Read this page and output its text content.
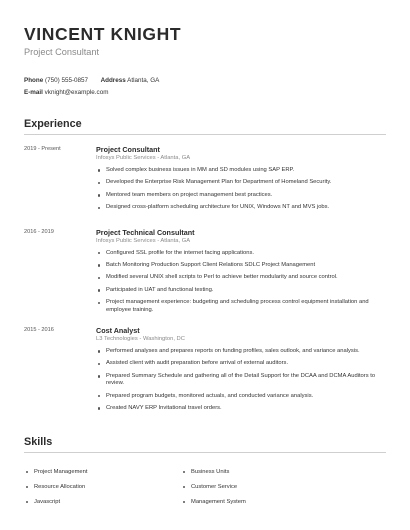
VINCENT KNIGHT
Project Consultant
Phone (750) 555-0857 Address Atlanta, GA
E-mail vknight@example.com
Experience
2019 - Present	Project Consultant
Infosys Public Services - Atlanta, GA
Solved complex business issues in MM and SD modules using SAP ERP.
Developed the Enterprise Risk Management Plan for Department of Homeland Security.
Mentored team members on project management best practices.
Designed cross-platform scheduling architecture for UNIX, Windows NT and MVS jobs.
2016 - 2019	Project Technical Consultant
Infosys Public Services - Atlanta, GA
Configured SSL profile for the internet facing applications.
Batch Monitoring Production Support Client Relations SDLC Project Management
Modified several UNIX shell scripts to Perl to achieve better modularity and source control.
Participated in UAT and functional testing.
Project management experience: budgeting and scheduling process control equipment installation and employee training.
2015 - 2016	Cost Analyst
L3 Technologies - Washington, DC
Performed analyses and prepares reports on funding profiles, sales outlook, and variance analysis.
Assisted client with audit preparation before arrival of external auditors.
Prepared Summary Schedule and gathering all of the Detail Support for the DCAA and DCMA Auditors to review.
Prepared program budgets, monitored actuals, and conducted variance analysis.
Created NAVY ERP Invitational travel orders.
Skills
Project Management	Business Units
Resource Allocation	Customer Service
Javascript	Management System
